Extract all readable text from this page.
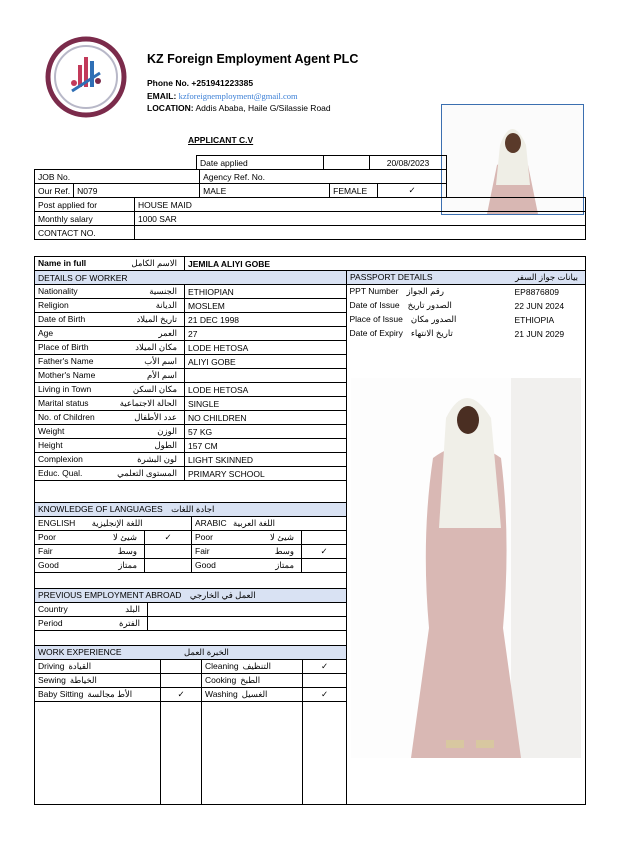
KZ Foreign Employment Agent PLC
Phone No. +251941223385
EMAIL: kzforeignemployment@gmail.com
LOCATION: Addis Ababa, Haile G/Silassie Road
APPLICANT C.V
Date applied		20/08/2023
JOB No.		Agency Ref. No.		
Our Ref.	N079	MALE	FEMALE	✓
Post applied for	HOUSE MAID
Monthly salary	1000 SAR
CONTACT NO.	
Name in full	الاسم الكامل	JEMILA ALIYI GOBE
DETAILS OF WORKER	
Nationality الجنسية	ETHIOPIAN
Religion الديانة	MOSLEM
Date of Birth تاريخ الميلاد	21 DEC 1998
Age العمر	27
Place of Birth مكان الميلاد	LODE HETOSA
Father's Name اسم الأب	ALIYI GOBE
Mother's Name اسم الأم	

Living in Town مكان السكن	LODE HETOSA
Marital status الحالة الاجتماعية	SINGLE
No. of Children عدد الأطفال	NO CHILDREN
Weight الوزن	57 KG
Height الطول	157 CM
Complexion لون البشرة	LIGHT SKINNED
Educ. Qual. المستوى التعلمي	PRIMARY SCHOOL
PASSPORT DETAILS بيانات جواز السفر	

PPT Number رقم الجواز	EP8876809
Date of Issue الصدور تاريخ	22 JUN 2024
Place of Issue الصدور مكان	ETHIOPIA
Date of Expiry تاريخ الانتهاء	21 JUN 2029
KNOWLEDGE OF LANGUAGES اجادة اللغات			
ENGLISH اللغة الإنجليزية		ARABIC اللغة العربية	
Poor شيئ لا	✓	Poor شيئ لا	

Fair وسط		Fair وسط	✓
Good ممتاز		Good ممتاز	

PREVIOUS EMPLOYMENT ABROAD العمل في الخارجي	
Country البلد	

Period الفترة	

WORK EXPERIENCE الخبرة العمل			
Driving القيادة		Cleaning التنظيف	✓
Sewing الخياطة		Cooking الطبخ	
Baby Sitting الأط مجالسة	✓	Washing الغسيل	✓
